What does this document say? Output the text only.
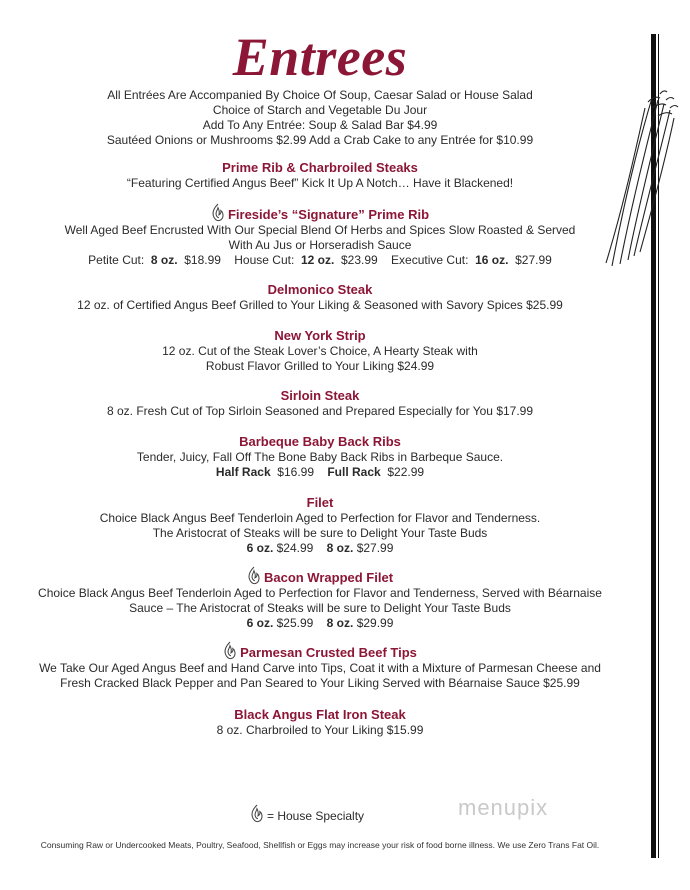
Entrees
All Entrées Are Accompanied By Choice Of Soup, Caesar Salad or House Salad
Choice of Starch and Vegetable Du Jour
Add To Any Entrée: Soup & Salad Bar $4.99
Sautéed Onions or Mushrooms $2.99 Add a Crab Cake to any Entrée for $10.99
Prime Rib & Charbroiled Steaks
“Featuring Certified Angus Beef” Kick It Up A Notch… Have it Blackened!
Fireside’s “Signature” Prime Rib
Well Aged Beef Encrusted With Our Special Blend Of Herbs and Spices Slow Roasted & Served
With Au Jus or Horseradish Sauce
Petite Cut: 8 oz. $18.99 House Cut: 12 oz. $23.99 Executive Cut: 16 oz. $27.99
Delmonico Steak
12 oz. of Certified Angus Beef Grilled to Your Liking & Seasoned with Savory Spices $25.99
New York Strip
12 oz. Cut of the Steak Lover’s Choice, A Hearty Steak with
Robust Flavor Grilled to Your Liking $24.99
Sirloin Steak
8 oz. Fresh Cut of Top Sirloin Seasoned and Prepared Especially for You $17.99
Barbeque Baby Back Ribs
Tender, Juicy, Fall Off The Bone Baby Back Ribs in Barbeque Sauce.
Half Rack $16.99 Full Rack $22.99
Filet
Choice Black Angus Beef Tenderloin Aged to Perfection for Flavor and Tenderness.
The Aristocrat of Steaks will be sure to Delight Your Taste Buds
6 oz. $24.99 8 oz. $27.99
Bacon Wrapped Filet
Choice Black Angus Beef Tenderloin Aged to Perfection for Flavor and Tenderness, Served with Béarnaise
Sauce – The Aristocrat of Steaks will be sure to Delight Your Taste Buds
6 oz. $25.99 8 oz. $29.99
Parmesan Crusted Beef Tips
We Take Our Aged Angus Beef and Hand Carve into Tips, Coat it with a Mixture of Parmesan Cheese and
Fresh Cracked Black Pepper and Pan Seared to Your Liking Served with Béarnaise Sauce $25.99
Black Angus Flat Iron Steak
8 oz. Charbroiled to Your Liking $15.99
= House Specialty	menupix
Consuming Raw or Undercooked Meats, Poultry, Seafood, Shellfish or Eggs may increase your risk of food borne illness. We use Zero Trans Fat Oil.
